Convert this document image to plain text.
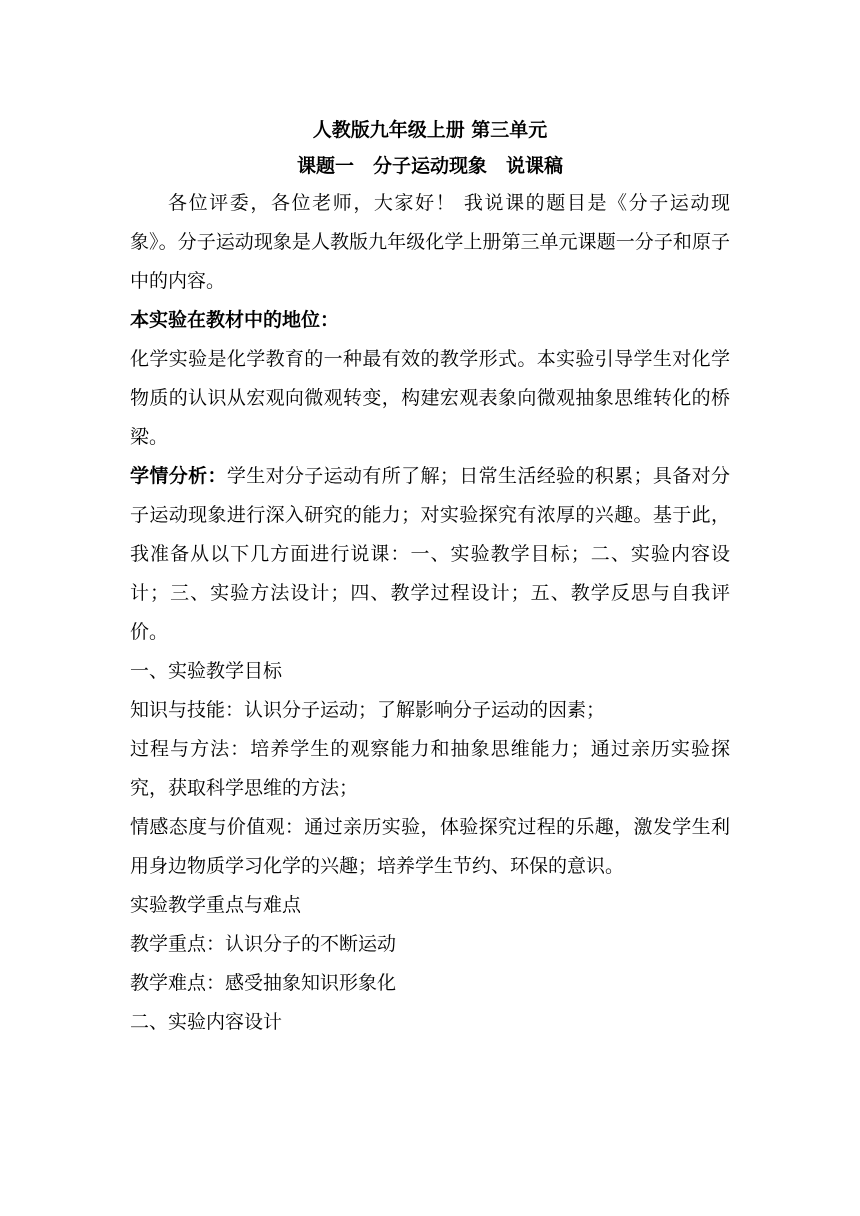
人教版九年级上册 第三单元

课题一　分子运动现象　说课稿

各位评委，各位老师，大家好！ 我说课的题目是《分子运动现象》。分子运动现象是人教版九年级化学上册第三单元课题一分子和原子中的内容。

本实验在教材中的地位：

化学实验是化学教育的一种最有效的教学形式。本实验引导学生对化学物质的认识从宏观向微观转变，构建宏观表象向微观抽象思维转化的桥梁。

学情分析：学生对分子运动有所了解；日常生活经验的积累；具备对分子运动现象进行深入研究的能力；对实验探究有浓厚的兴趣。基于此，我准备从以下几方面进行说课：一、实验教学目标；二、实验内容设计；三、实验方法设计；四、教学过程设计；五、教学反思与自我评价。

一、实验教学目标

知识与技能：认识分子运动；了解影响分子运动的因素；

过程与方法：培养学生的观察能力和抽象思维能力；通过亲历实验探究，获取科学思维的方法；

情感态度与价值观：通过亲历实验，体验探究过程的乐趣，激发学生利用身边物质学习化学的兴趣；培养学生节约、环保的意识。

实验教学重点与难点

教学重点：认识分子的不断运动

教学难点：感受抽象知识形象化

二、实验内容设计
